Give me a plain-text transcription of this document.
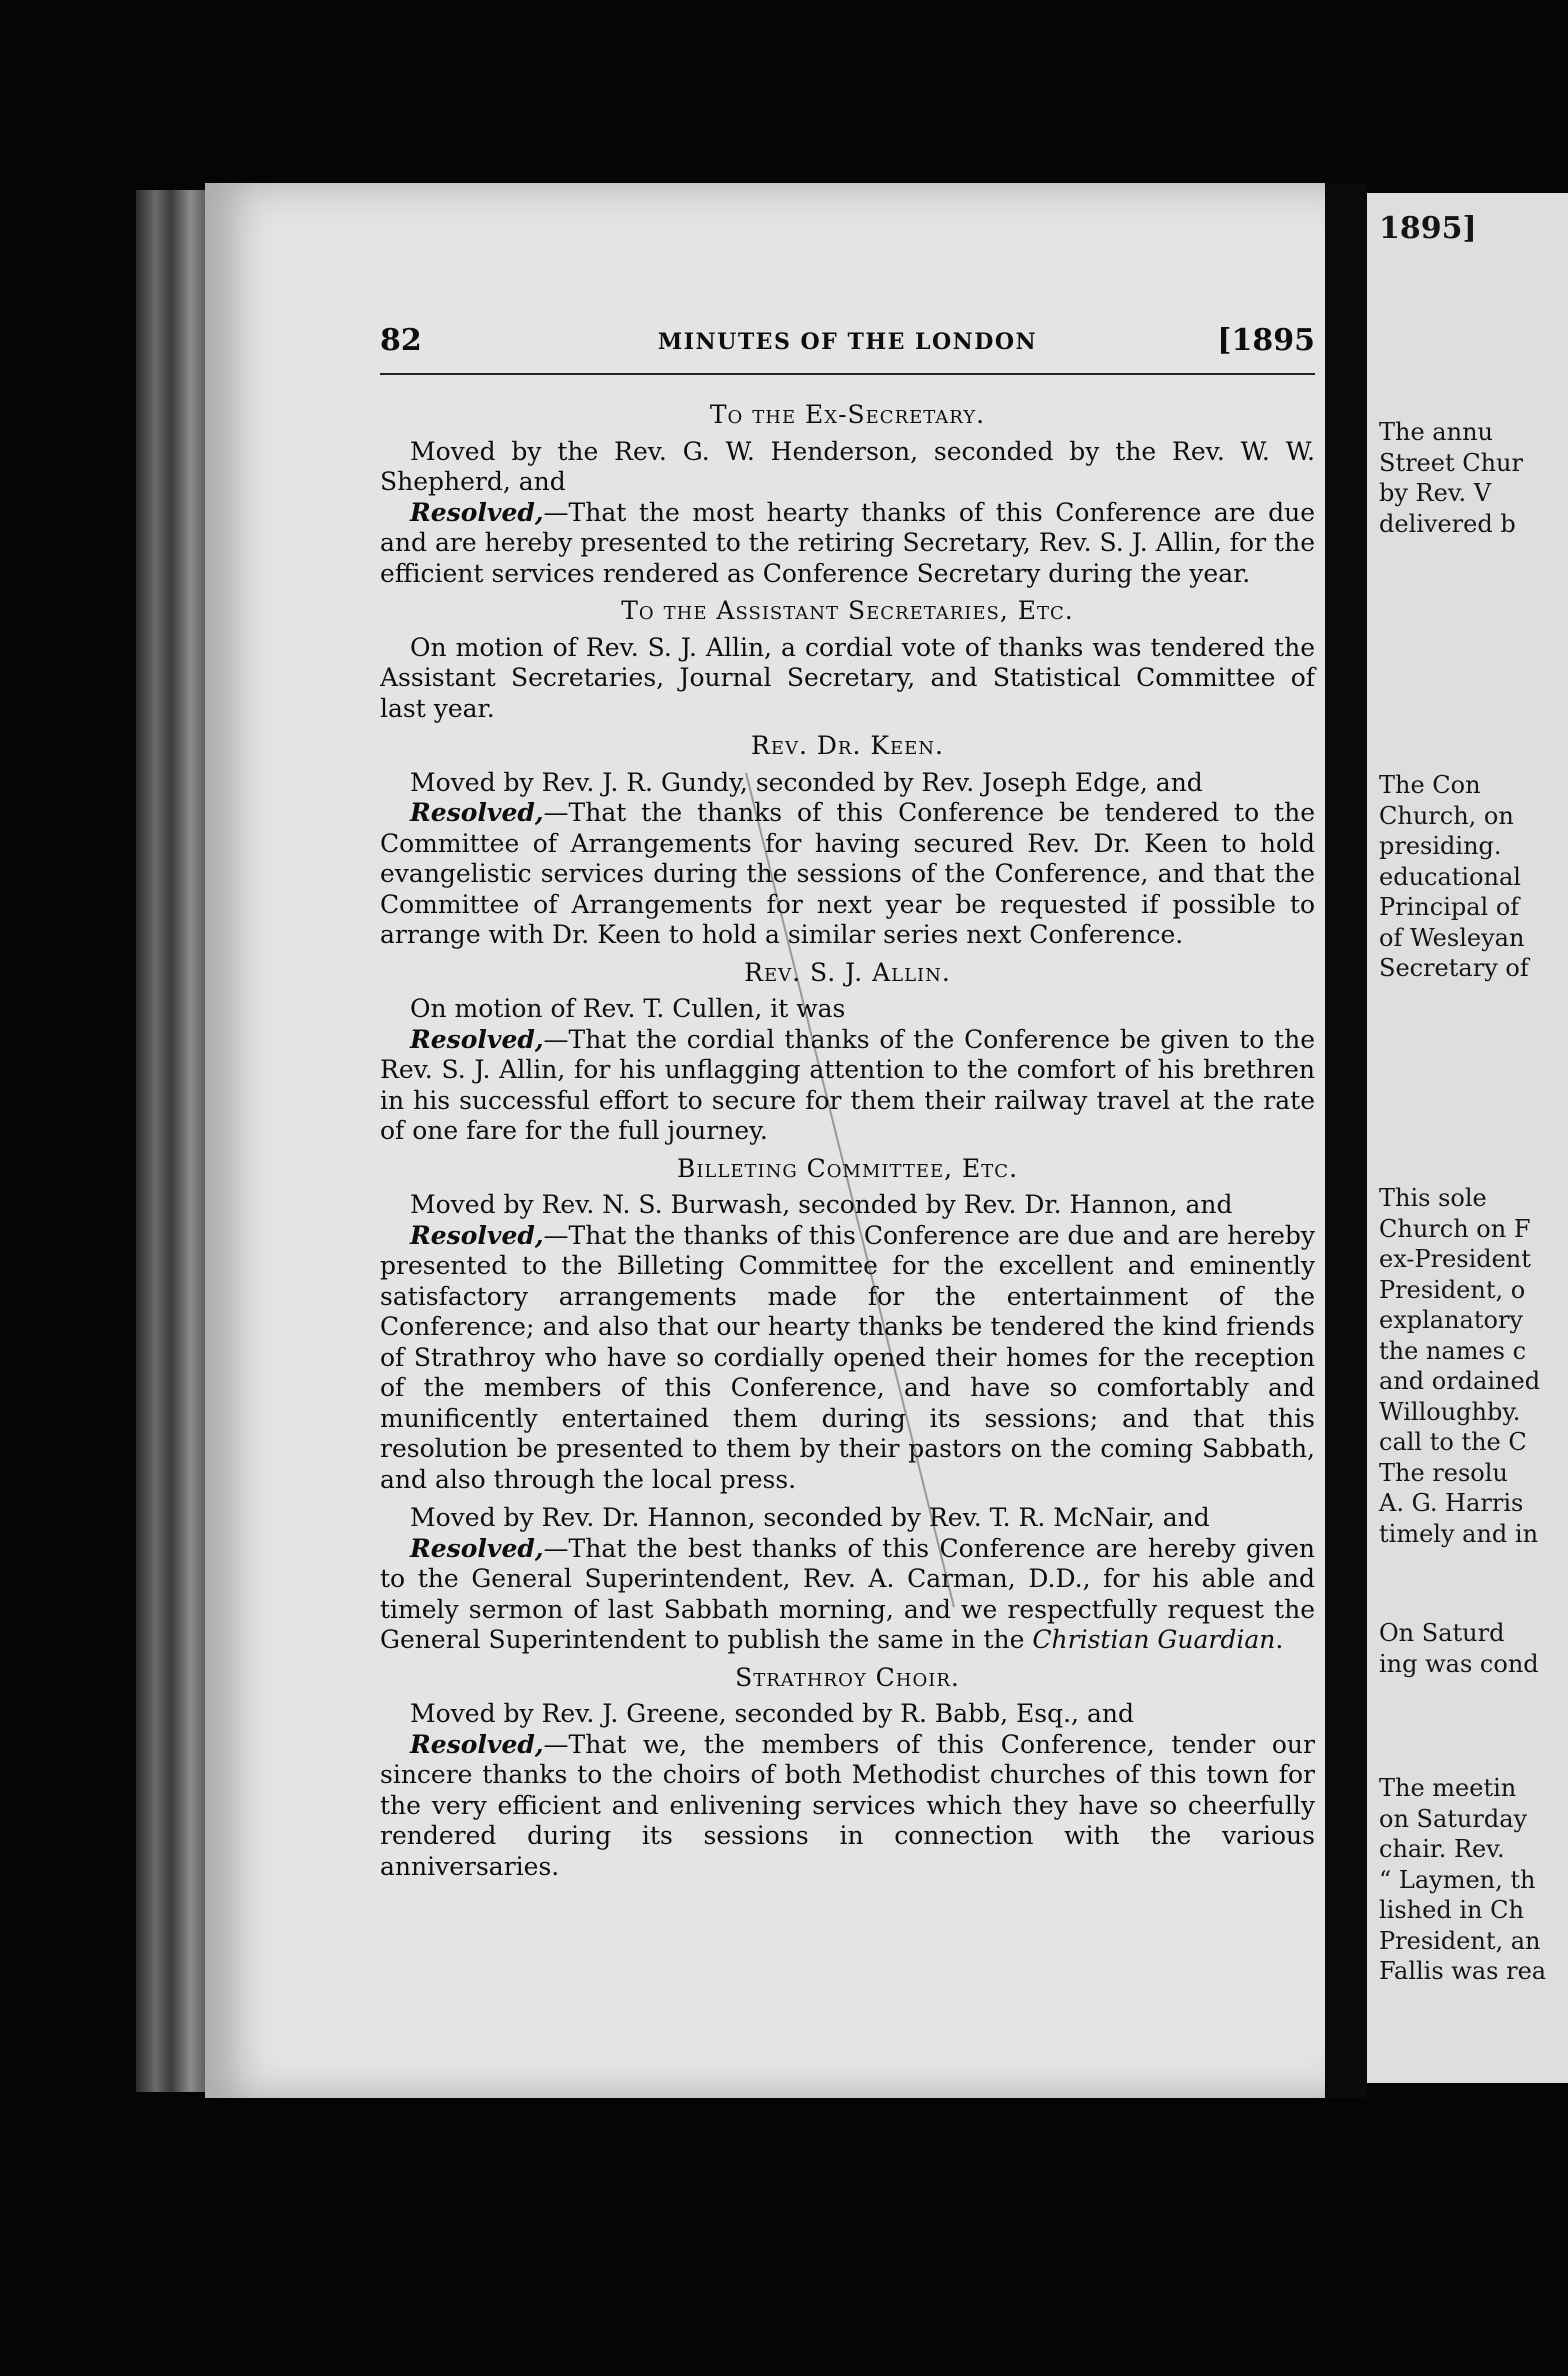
82	MINUTES OF THE LONDON	[1895
To the Ex-Secretary.

Moved by the Rev. G. W. Henderson, seconded by the Rev. W. W. Shepherd, and

Resolved,—That the most hearty thanks of this Conference are due and are hereby presented to the retiring Secretary, Rev. S. J. Allin, for the efficient services rendered as Conference Secretary during the year.

To the Assistant Secretaries, Etc.

On motion of Rev. S. J. Allin, a cordial vote of thanks was tendered the Assistant Secretaries, Journal Secretary, and Statistical Committee of last year.

Rev. Dr. Keen.

Moved by Rev. J. R. Gundy, seconded by Rev. Joseph Edge, and

Resolved,—That the thanks of this Conference be tendered to the Committee of Arrangements for having secured Rev. Dr. Keen to hold evangelistic services during the sessions of the Conference, and that the Committee of Arrangements for next year be requested if possible to arrange with Dr. Keen to hold a similar series next Conference.

Rev. S. J. Allin.

On motion of Rev. T. Cullen, it was

Resolved,—That the cordial thanks of the Conference be given to the Rev. S. J. Allin, for his unflagging attention to the comfort of his brethren in his successful effort to secure for them their railway travel at the rate of one fare for the full journey.

Billeting Committee, Etc.

Moved by Rev. N. S. Burwash, seconded by Rev. Dr. Hannon, and

Resolved,—That the thanks of this Conference are due and are hereby presented to the Billeting Committee for the excellent and eminently satisfactory arrangements made for the entertainment of the Conference; and also that our hearty thanks be tendered the kind friends of Strathroy who have so cordially opened their homes for the reception of the members of this Conference, and have so comfortably and munificently entertained them during its sessions; and that this resolution be presented to them by their pastors on the coming Sabbath, and also through the local press.

Moved by Rev. Dr. Hannon, seconded by Rev. T. R. McNair, and

Resolved,—That the best thanks of this Conference are hereby given to the General Superintendent, Rev. A. Carman, D.D., for his able and timely sermon of last Sabbath morning, and we respectfully request the General Superintendent to publish the same in the Christian Guardian.

Strathroy Choir.

Moved by Rev. J. Greene, seconded by R. Babb, Esq., and

Resolved,—That we, the members of this Conference, tender our sincere thanks to the choirs of both Methodist churches of this town for the very efficient and enlivening services which they have so cheerfully rendered during its sessions in connection with the various anniversaries.

1895]
The annu
Street Chur
by Rev. V
delivered b
The Con
Church, on
presiding.
educational
Principal of
of Wesleyan
Secretary of
This sole
Church on F
ex-President
President, o
explanatory
the names c
and ordained
Willoughby.
call to the C
The resolu
A. G. Harris
timely and in
On Saturd
ing was cond
The meetin
on Saturday
chair. Rev.
“ Laymen, th
lished in Ch
President, an
Fallis was rea
